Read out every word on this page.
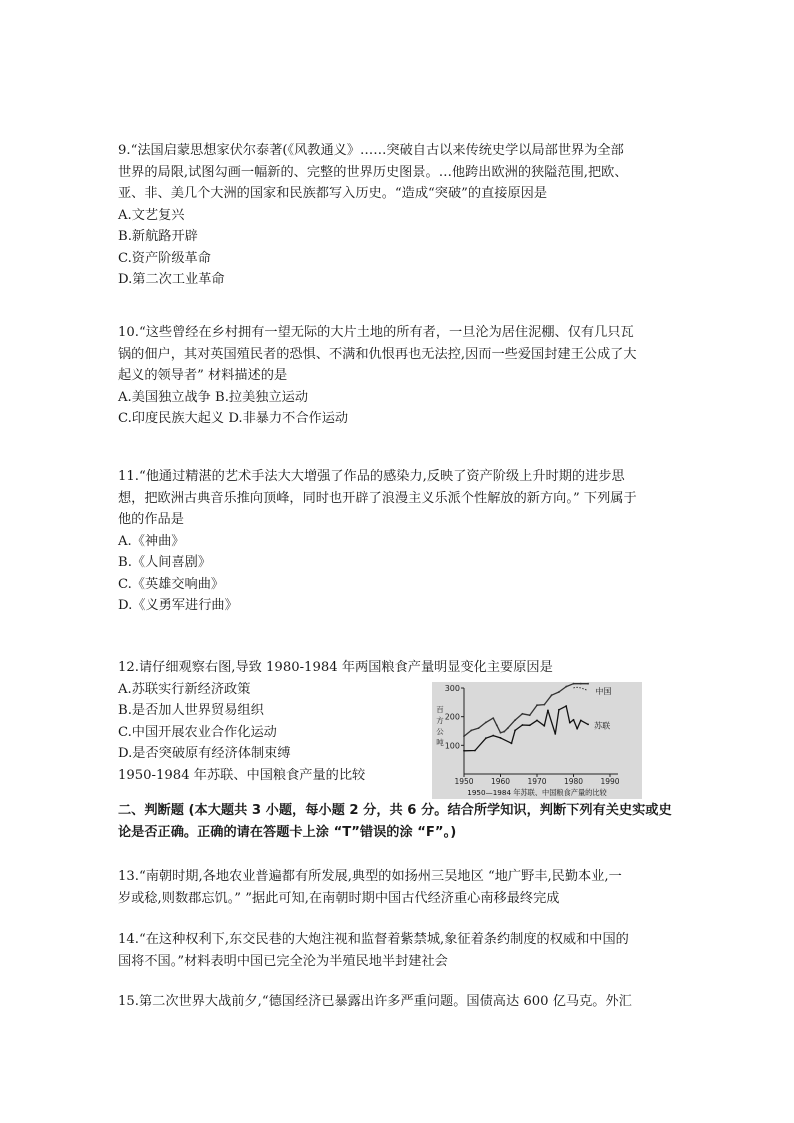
9.“法国启蒙思想家伏尔泰著(《风教通义》……突破自古以来传统史学以局部世界为全部

世界的局限,试图勾画一幅新的、完整的世界历史图景。…他跨出欧洲的狭隘范围,把欧、

亚、非、美几个大洲的国家和民族都写入历史。“造成“突破”的直接原因是

A.文艺复兴

B.新航路开辟

C.资产阶级革命

D.第二次工业革命

10.“这些曾经在乡村拥有一望无际的大片土地的所有者，一旦沦为居住泥棚、仅有几只瓦

锅的佃户，其对英国殖民者的恐惧、不满和仇恨再也无法控,因而一些爱国封建王公成了大

起义的领导者” 材料描述的是

A.美国独立战争 B.拉美独立运动

C.印度民族大起义 D.非暴力不合作运动

11.“他通过精湛的艺术手法大大增强了作品的感染力,反映了资产阶级上升时期的进步思

想，把欧洲古典音乐推向顶峰，同时也开辟了浪漫主义乐派个性解放的新方向。” 下列属于

他的作品是

A.《神曲》

B.《人间喜剧》

C.《英雄交响曲》

D.《义勇军进行曲》

12.请仔细观察右图,导致 1980-1984 年两国粮食产量明显变化主要原因是

A.苏联实行新经济政策

B.是否加人世界贸易组织

C.中国开展农业合作化运动

D.是否突破原有经济体制束缚

1950-1984 年苏联、中国粮食产量的比较

300
200
100
1950 1960 1970 1980 1990
百
方
公
吨
中国
苏联
1950—1984 年苏联、中国粮食产量的比较

二、判断题 (本大题共 3 小题，每小题 2 分，共 6 分。结合所学知识，判断下列有关史实或史

论是否正确。正确的请在答题卡上涂 “T”错误的涂 “F”。)

13.“南朝时期,各地农业普遍都有所发展,典型的如扬州三吴地区 “地广野丰,民勤本业,一

岁或稔,则数郡忘饥。” ”据此可知,在南朝时期中国古代经济重心南移最终完成

14.“在这种权利下,东交民巷的大炮注视和监督着紫禁城,象征着条约制度的权威和中国的

国将不国。”材料表明中国已完全沦为半殖民地半封建社会

15.第二次世界大战前夕,“德国经济已暴露出许多严重问题。国债高达 600 亿马克。外汇
